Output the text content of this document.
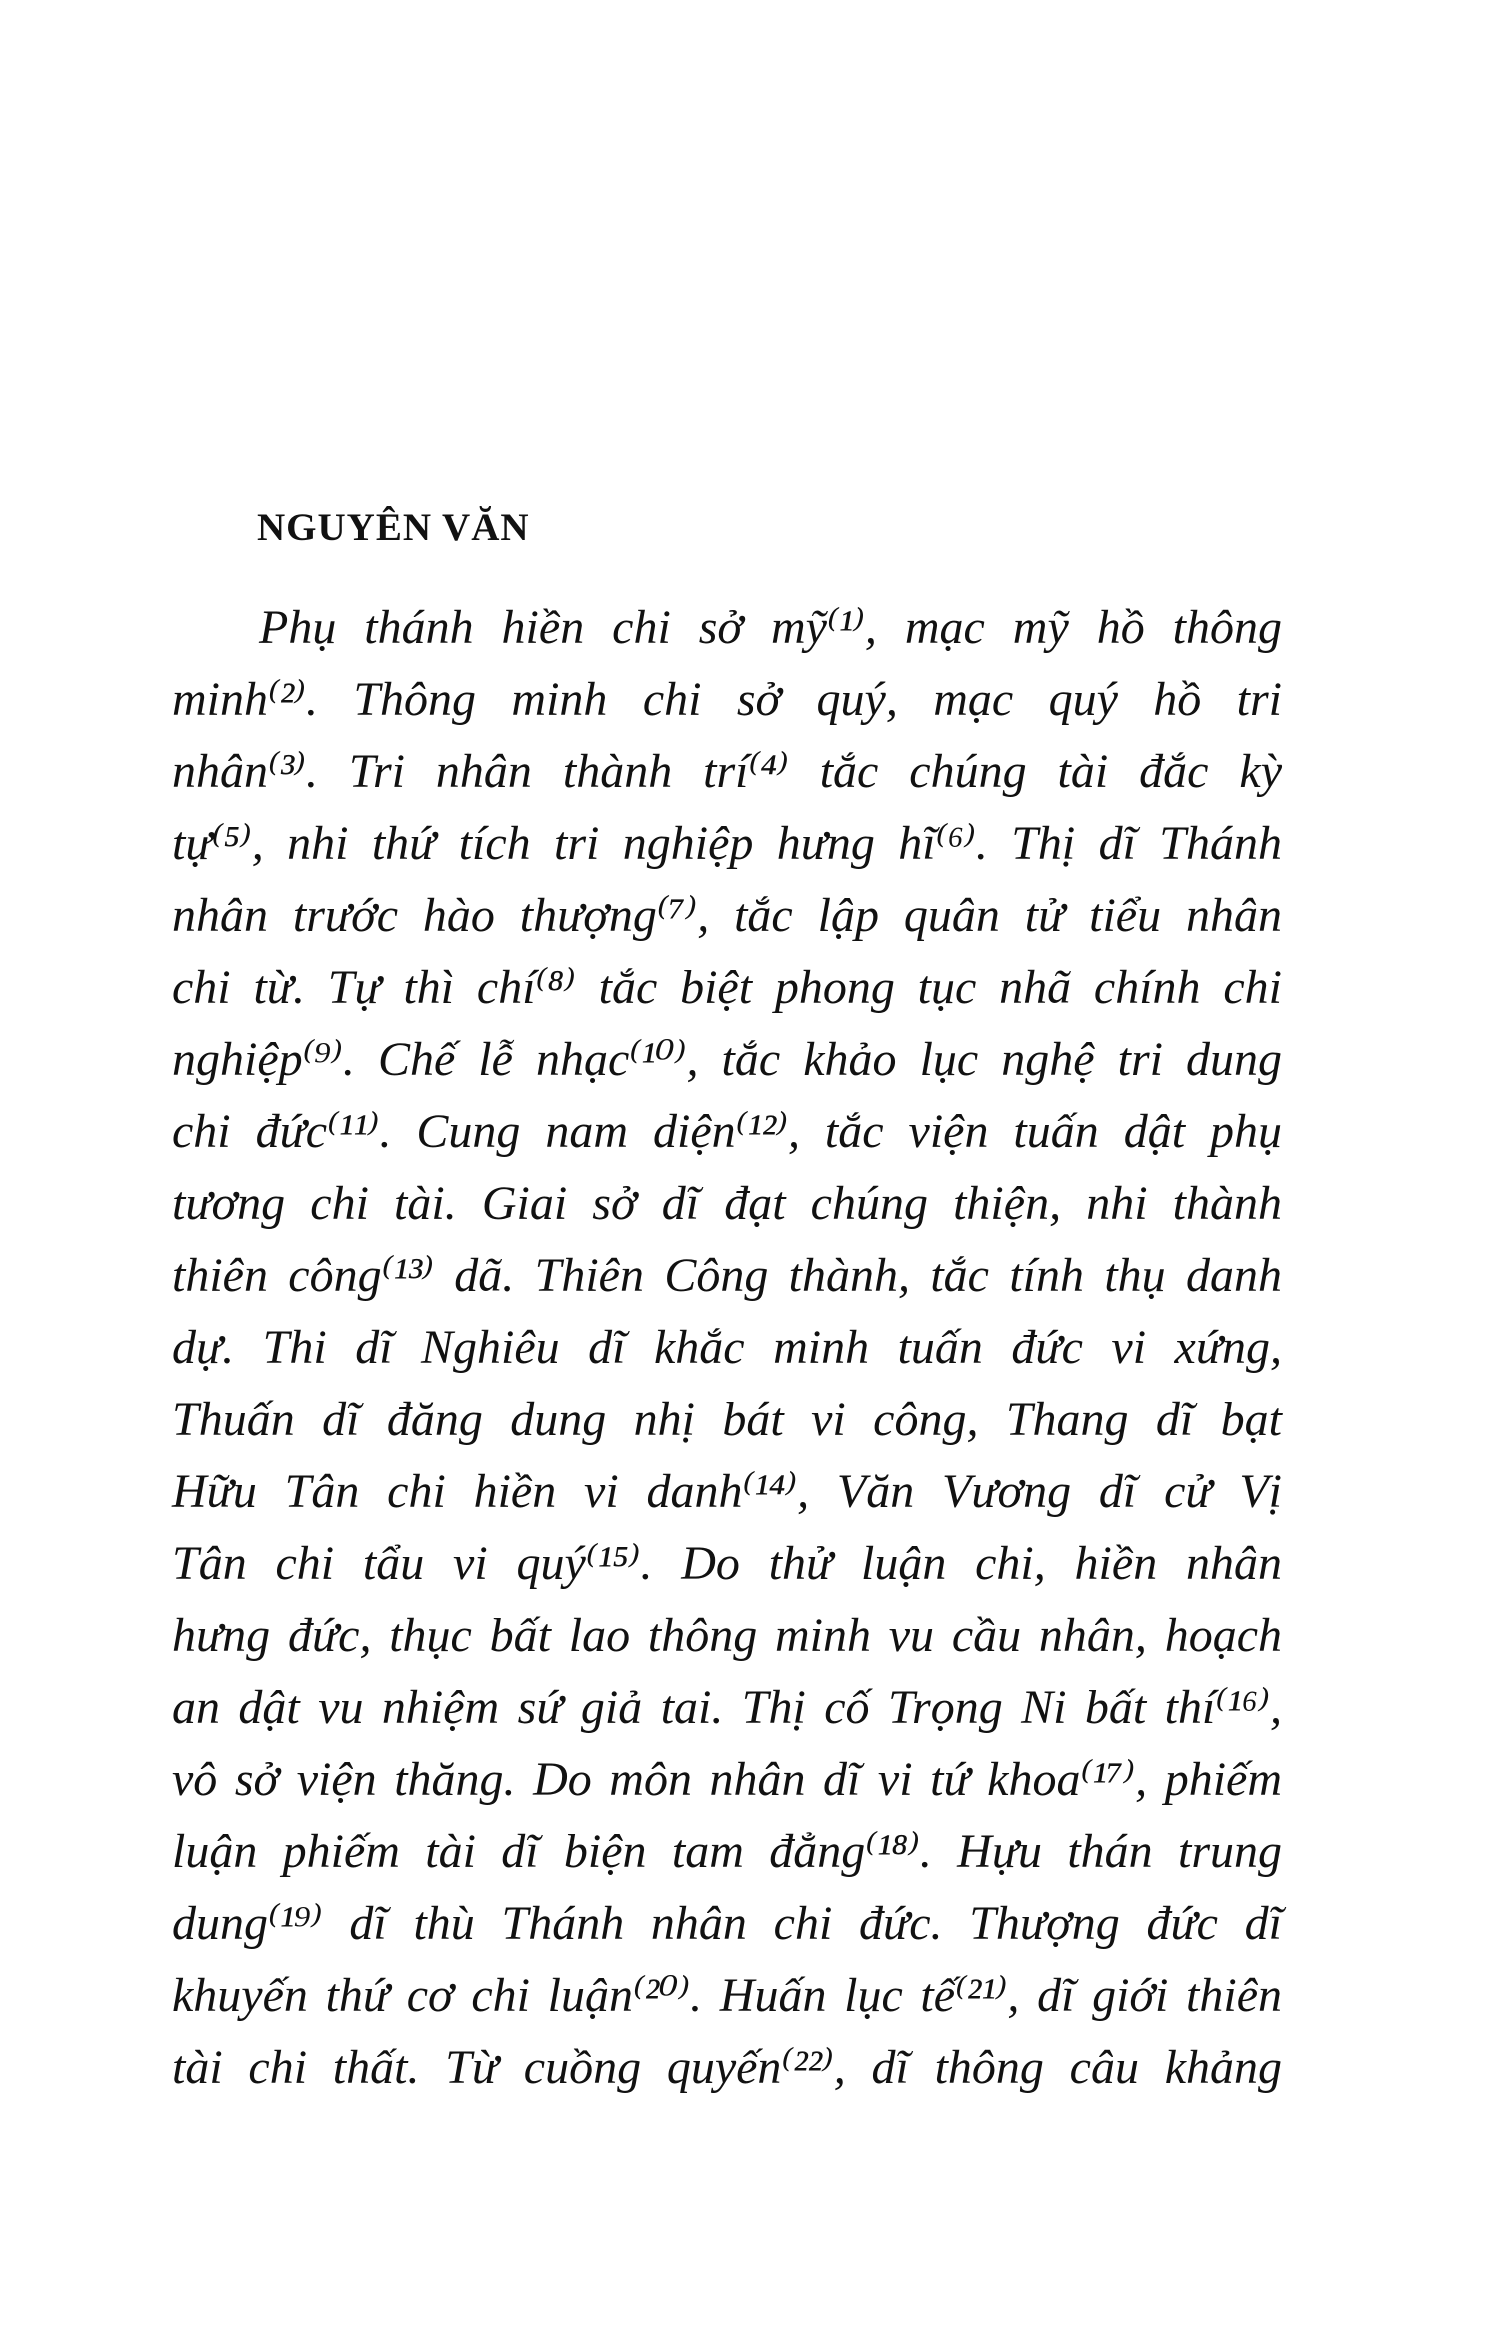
NGUYÊN VĂN
Phụ thánh hiền chi sở mỹ⁽¹⁾, mạc mỹ hồ thông
minh⁽²⁾. Thông minh chi sở quý, mạc quý hồ tri
nhân⁽³⁾. Tri nhân thành trí⁽⁴⁾ tắc chúng tài đắc kỳ
tự⁽⁵⁾, nhi thứ tích tri nghiệp hưng hĩ⁽⁶⁾. Thị dĩ Thánh
nhân trước hào thượng⁽⁷⁾, tắc lập quân tử tiểu nhân
chi từ. Tự thì chí⁽⁸⁾ tắc biệt phong tục nhã chính chi
nghiệp⁽⁹⁾. Chế lễ nhạc⁽¹⁰⁾, tắc khảo lục nghệ tri dung
chi đức⁽¹¹⁾. Cung nam diện⁽¹²⁾, tắc viện tuấn dật phụ
tương chi tài. Giai sở dĩ đạt chúng thiện, nhi thành
thiên công⁽¹³⁾ dã. Thiên Công thành, tắc tính thụ danh
dự. Thi dĩ Nghiêu dĩ khắc minh tuấn đức vi xứng,
Thuấn dĩ đăng dung nhị bát vi công, Thang dĩ bạt
Hữu Tân chi hiền vi danh⁽¹⁴⁾, Văn Vương dĩ cử Vị
Tân chi tẩu vi quý⁽¹⁵⁾. Do thử luận chi, hiền nhân
hưng đức, thục bất lao thông minh vu cầu nhân, hoạch
an dật vu nhiệm sứ giả tai. Thị cố Trọng Ni bất thí⁽¹⁶⁾,
vô sở viện thăng. Do môn nhân dĩ vi tứ khoa⁽¹⁷⁾, phiếm
luận phiếm tài dĩ biện tam đẳng⁽¹⁸⁾. Hựu thán trung
dung⁽¹⁹⁾ dĩ thù Thánh nhân chi đức. Thượng đức dĩ
khuyến thứ cơ chi luận⁽²⁰⁾. Huấn lục tế⁽²¹⁾, dĩ giới thiên
tài chi thất. Từ cuồng quyến⁽²²⁾, dĩ thông câu khảng
